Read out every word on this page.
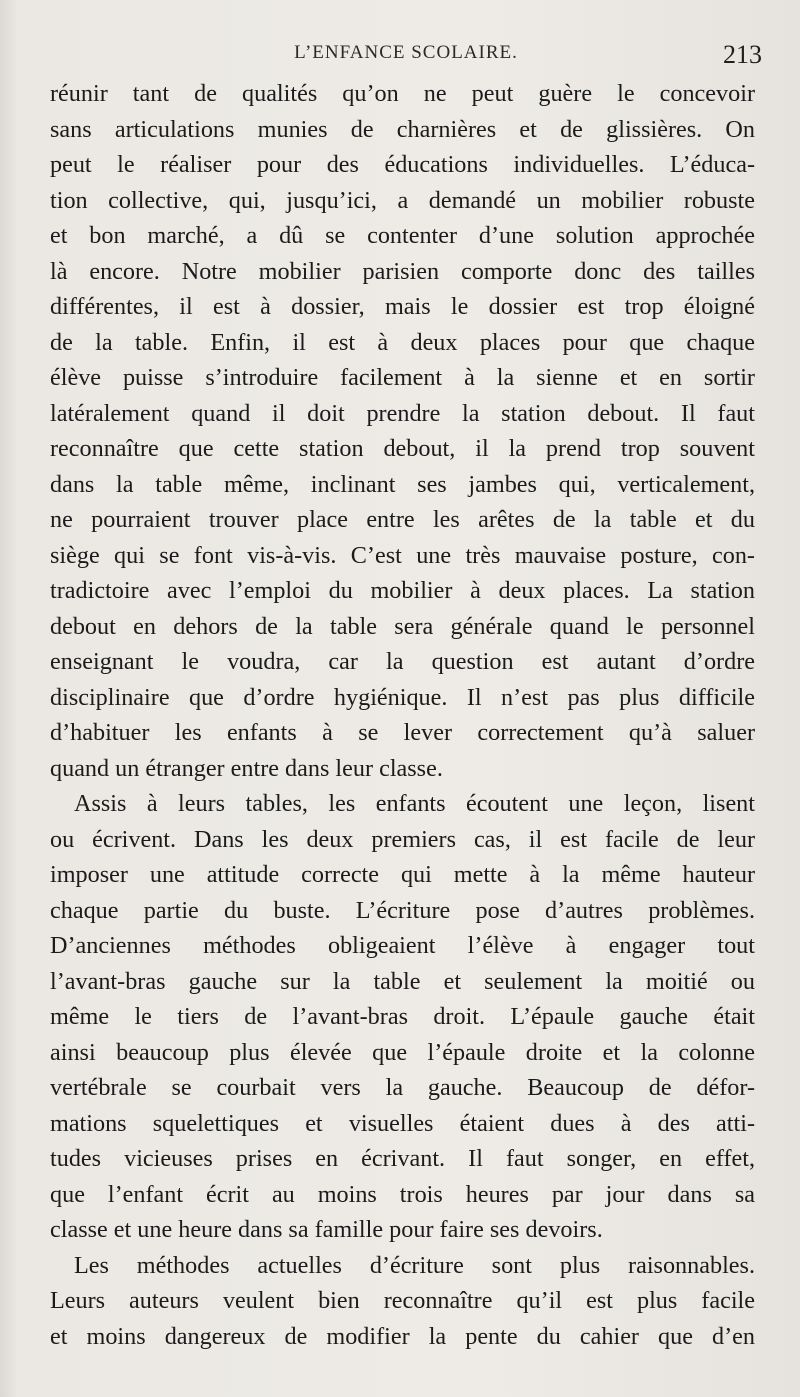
L’ENFANCE SCOLAIRE.	213

réunir tant de qualités qu’on ne peut guère le concevoir
sans articulations munies de charnières et de glissières. On
peut le réaliser pour des éducations individuelles. L’éduca-
tion collective, qui, jusqu’ici, a demandé un mobilier robuste
et bon marché, a dû se contenter d’une solution approchée
là encore. Notre mobilier parisien comporte donc des tailles
différentes, il est à dossier, mais le dossier est trop éloigné
de la table. Enfin, il est à deux places pour que chaque
élève puisse s’introduire facilement à la sienne et en sortir
latéralement quand il doit prendre la station debout. Il faut
reconnaître que cette station debout, il la prend trop souvent
dans la table même, inclinant ses jambes qui, verticalement,
ne pourraient trouver place entre les arêtes de la table et du
siège qui se font vis-à-vis. C’est une très mauvaise posture, con-
tradictoire avec l’emploi du mobilier à deux places. La station
debout en dehors de la table sera générale quand le personnel
enseignant le voudra, car la question est autant d’ordre
disciplinaire que d’ordre hygiénique. Il n’est pas plus difficile
d’habituer les enfants à se lever correctement qu’à saluer
quand un étranger entre dans leur classe.

Assis à leurs tables, les enfants écoutent une leçon, lisent
ou écrivent. Dans les deux premiers cas, il est facile de leur
imposer une attitude correcte qui mette à la même hauteur
chaque partie du buste. L’écriture pose d’autres problèmes.
D’anciennes méthodes obligeaient l’élève à engager tout
l’avant-bras gauche sur la table et seulement la moitié ou
même le tiers de l’avant-bras droit. L’épaule gauche était
ainsi beaucoup plus élevée que l’épaule droite et la colonne
vertébrale se courbait vers la gauche. Beaucoup de défor-
mations squelettiques et visuelles étaient dues à des atti-
tudes vicieuses prises en écrivant. Il faut songer, en effet,
que l’enfant écrit au moins trois heures par jour dans sa
classe et une heure dans sa famille pour faire ses devoirs.

Les méthodes actuelles d’écriture sont plus raisonnables.
Leurs auteurs veulent bien reconnaître qu’il est plus facile
et moins dangereux de modifier la pente du cahier que d’en
